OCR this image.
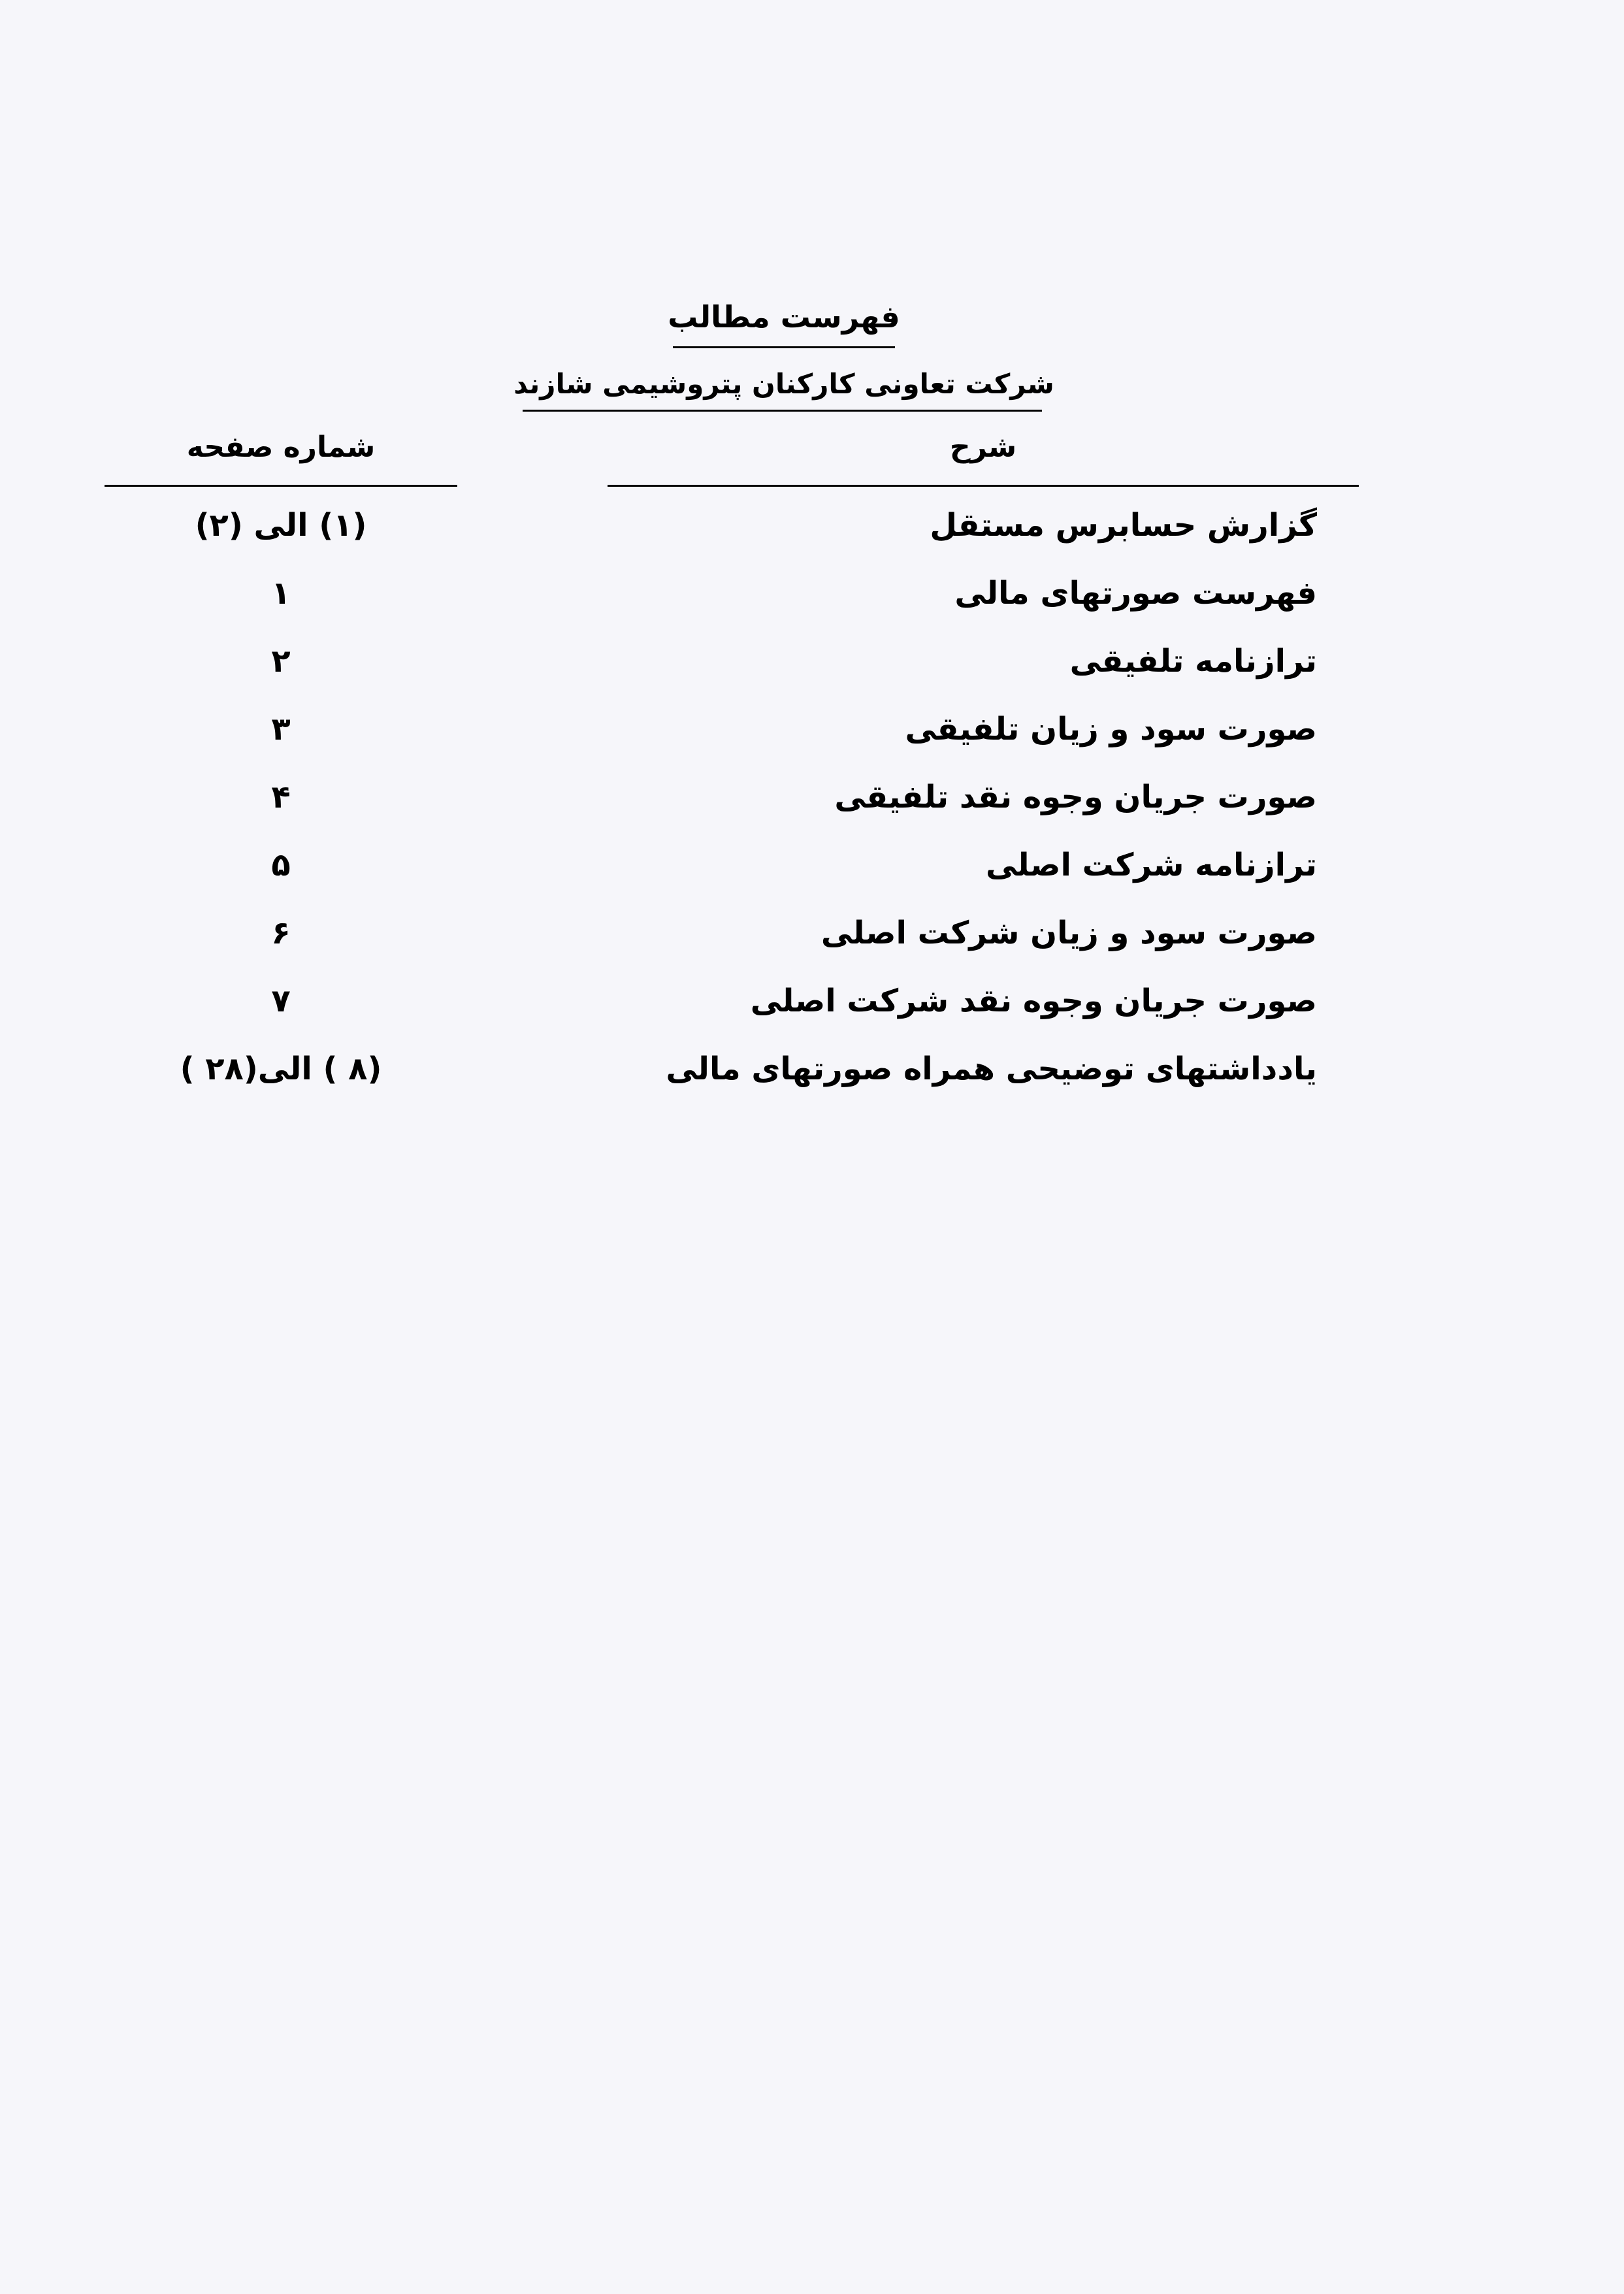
فهرست مطالب
شرکت تعاونی کارکنان پتروشیمی شازند
شرح
شماره صفحه
گزارش حسابرس مستقل
(۱) الی (۲)
فهرست صورتهای مالی
۱
ترازنامه تلفیقی
۲
صورت سود و زیان تلفیقی
۳
صورت جریان وجوه نقد تلفیقی
۴
ترازنامه شرکت اصلی
۵
صورت سود و زیان شرکت اصلی
۶
صورت جریان وجوه نقد شرکت اصلی
۷
یادداشتهای توضیحی همراه صورتهای مالی
(۸ ) الی(۲۸ )
